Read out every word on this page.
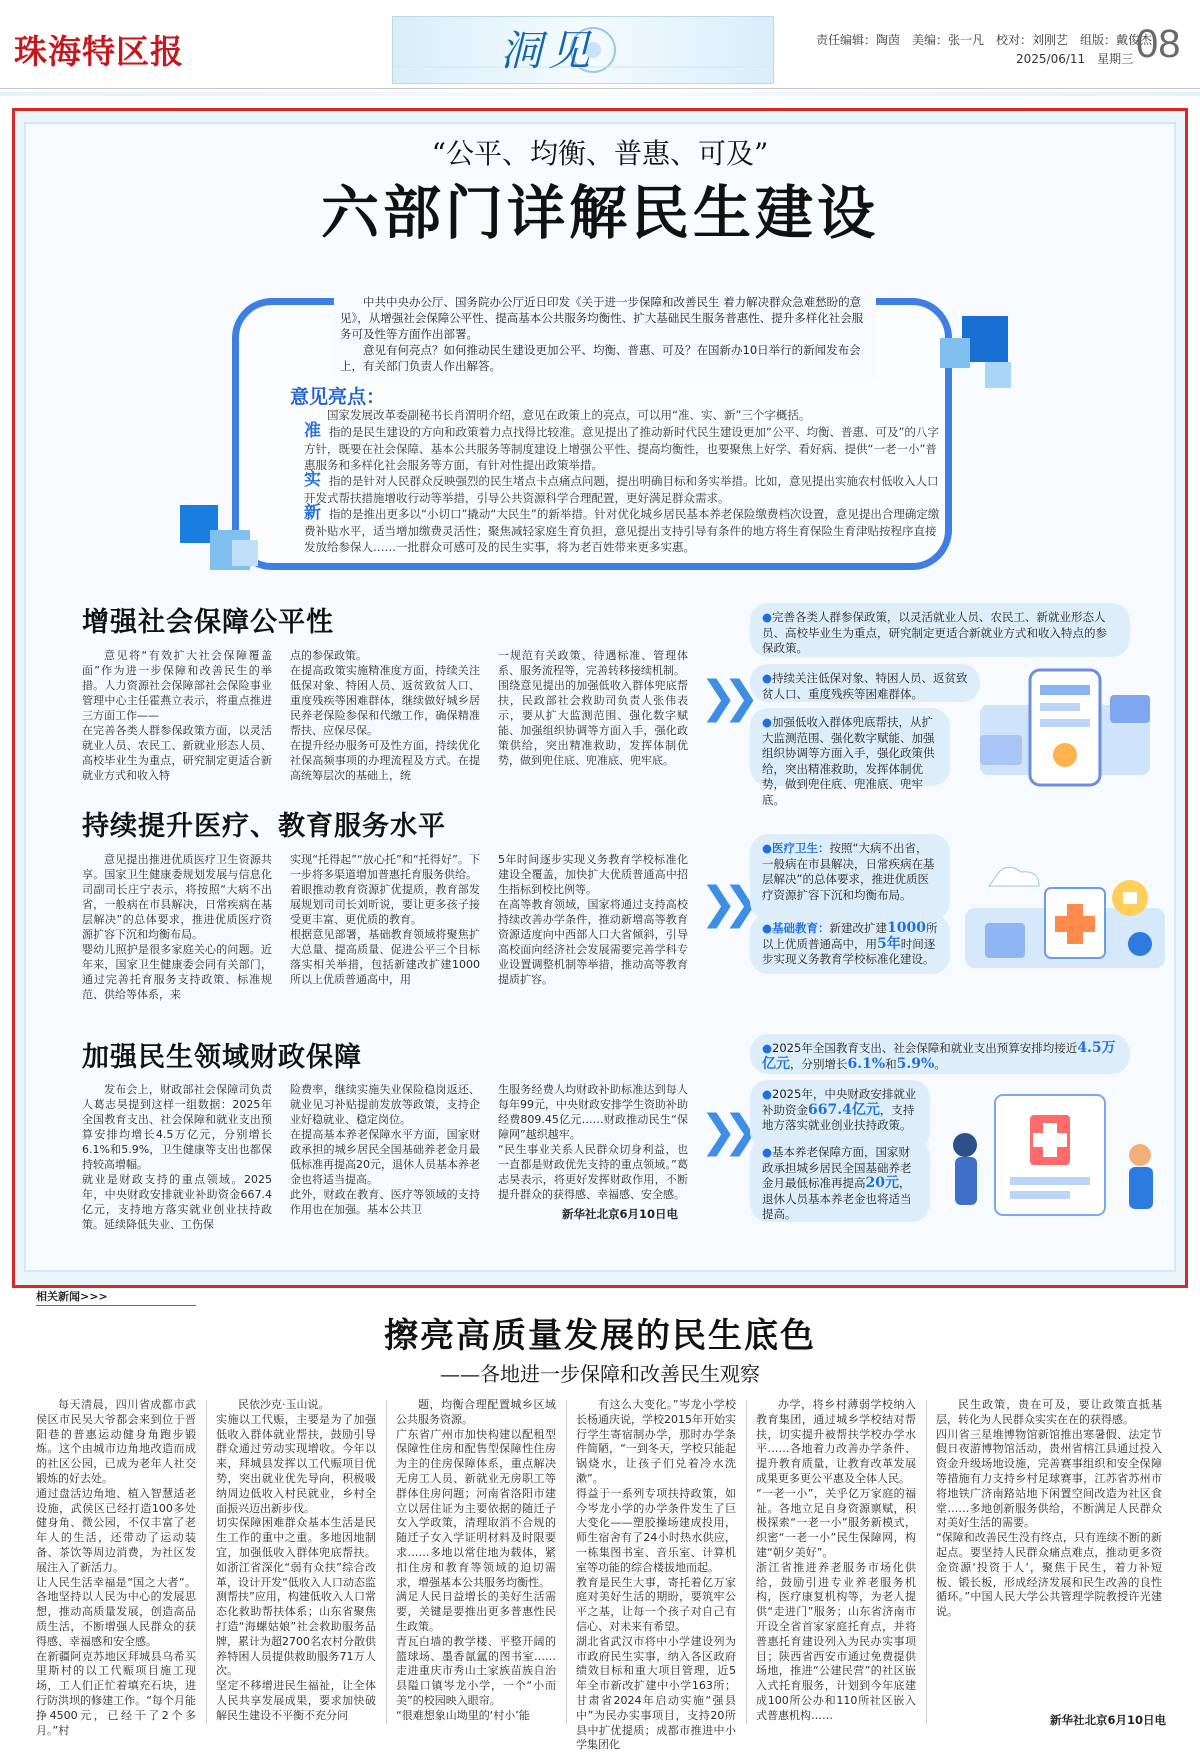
珠海特区报	洞见	责任编辑：陶茵　美编：张一凡　校对：刘刚艺　组版：戴俊杰
2025/06/11　星期三 08
“公平、均衡、普惠、可及”
六部门详解民生建设

中共中央办公厅、国务院办公厅近日印发《关于进一步保障和改善民生 着力解决群众急难愁盼的意见》，从增强社会保障公平性、提高基本公共服务均衡性、扩大基础民生服务普惠性、提升多样化社会服务可及性等方面作出部署。

意见有何亮点？如何推动民生建设更加公平、均衡、普惠、可及？在国新办10日举行的新闻发布会上，有关部门负责人作出解答。

意见亮点：
国家发展改革委副秘书长肖渭明介绍，意见在政策上的亮点，可以用“准、实、新”三个字概括。
准 指的是民生建设的方向和政策着力点找得比较准。意见提出了推动新时代民生建设更加“公平、均衡、普惠、可及”的八字方针，既要在社会保障、基本公共服务等制度建设上增强公平性、提高均衡性，也要聚焦上好学、看好病、提供“一老一小”普惠服务和多样化社会服务等方面，有针对性提出政策举措。
实 指的是针对人民群众反映强烈的民生堵点卡点痛点问题，提出明确目标和务实举措。比如，意见提出实施农村低收入人口开发式帮扶措施增收行动等举措，引导公共资源科学合理配置，更好满足群众需求。
新 指的是推出更多以“小切口”撬动“大民生”的新举措。针对优化城乡居民基本养老保险缴费档次设置，意见提出合理确定缴费补贴水平，适当增加缴费灵活性；聚焦减轻家庭生育负担，意见提出支持引导有条件的地方将生育保险生育津贴按程序直接发放给参保人……一批群众可感可及的民生实事，将为老百姓带来更多实惠。
增强社会保障公平性

意见将“有效扩大社会保障覆盖面”作为进一步保障和改善民生的举措。人力资源社会保障部社会保险事业管理中心主任霍燕立表示，将重点推进三方面工作——
在完善各类人群参保政策方面，以灵活就业人员、农民工、新就业形态人员、高校毕业生为重点，研究制定更适合新就业方式和收入特

点的参保政策。
在提高政策实施精准度方面，持续关注低保对象、特困人员、返贫致贫人口、重度残疾等困难群体，继续做好城乡居民养老保险参保和代缴工作，确保精准帮扶、应保尽保。
在提升经办服务可及性方面，持续优化社保高频事项的办理流程及方式。在提高统筹层次的基础上，统

一规范有关政策、待遇标准、管理体系、服务流程等，完善转移接续机制。
围绕意见提出的加强低收入群体兜底帮扶，民政部社会救助司负责人张伟表示，要从扩大监测范围、强化数字赋能、加强组织协调等方面入手，强化政策供给，突出精准救助，发挥体制优势，做到兜住底、兜准底、兜牢底。

❯❯
●完善各类人群参保政策，以灵活就业人员、农民工、新就业形态人员、高校毕业生为重点，研究制定更适合新就业方式和收入特点的参保政策。
●持续关注低保对象、特困人员、返贫致贫人口、重度残疾等困难群体。
●加强低收入群体兜底帮扶，从扩大监测范围、强化数字赋能、加强组织协调等方面入手，强化政策供给，突出精准救助，发挥体制优势，做到兜住底、兜准底、兜牢底。
持续提升医疗、教育服务水平

意见提出推进优质医疗卫生资源共享。国家卫生健康委规划发展与信息化司副司长庄宁表示，将按照“大病不出省，一般病在市县解决，日常疾病在基层解决”的总体要求，推进优质医疗资源扩容下沉和均衡布局。
婴幼儿照护是很多家庭关心的问题。近年来，国家卫生健康委会同有关部门，通过完善托育服务支持政策、标准规范、供给等体系，来

实现“托得起”“放心托”和“托得好”。下一步将多渠道增加普惠托育服务供给。
着眼推动教育资源扩优提质，教育部发展规划司司长刘昕说，要让更多孩子接受更丰富、更优质的教育。
根据意见部署，基础教育领域将聚焦扩大总量、提高质量、促进公平三个目标落实相关举措，包括新建改扩建1000所以上优质普通高中，用

5年时间逐步实现义务教育学校标准化建设全覆盖，加快扩大优质普通高中招生指标到校比例等。
在高等教育领域，国家将通过支持高校持续改善办学条件，推动新增高等教育资源适度向中西部人口大省倾斜，引导高校面向经济社会发展需要完善学科专业设置调整机制等举措，推动高等教育提质扩容。

❯❯
●医疗卫生：按照“大病不出省，一般病在市县解决，日常疾病在基层解决”的总体要求，推进优质医疗资源扩容下沉和均衡布局。
●基础教育：新建改扩建1000所以上优质普通高中，用5年时间逐步实现义务教育学校标准化建设。
加强民生领域财政保障

发布会上，财政部社会保障司负责人葛志昊提到这样一组数据：2025年全国教育支出、社会保障和就业支出预算安排均增长4.5万亿元，分别增长6.1%和5.9%，卫生健康等支出也都保持较高增幅。
就业是财政支持的重点领域。2025年，中央财政安排就业补助资金667.4亿元，支持地方落实就业创业扶持政策。延续降低失业、工伤保

险费率，继续实施失业保险稳岗返还、就业见习补贴提前发放等政策，支持企业好稳就业、稳定岗位。
在提高基本养老保障水平方面，国家财政承担的城乡居民全国基础养老金月最低标准再提高20元，退休人员基本养老金也将适当提高。
此外，财政在教育、医疗等领域的支持作用也在加强。基本公共卫

生服务经费人均财政补助标准达到每人每年99元，中央财政安排学生资助补助经费809.45亿元……财政推动民生“保障网”越织越牢。
“民生事业关系人民群众切身利益，也一直都是财政优先支持的重点领域。”葛志昊表示，将更好发挥财政作用，不断提升群众的获得感、幸福感、安全感。

新华社北京6月10日电
❯❯
●2025年全国教育支出、社会保障和就业支出预算安排均接近4.5万亿元，分别增长6.1%和5.9%。
●2025年，中央财政安排就业补助资金667.4亿元，支持地方落实就业创业扶持政策。
●基本养老保障方面，国家财政承担城乡居民全国基础养老金月最低标准再提高20元，退休人员基本养老金也将适当提高。
相关新闻>>>
擦亮高质量发展的民生底色
——各地进一步保障和改善民生观察

每天清晨，四川省成都市武侯区市民吴大爷都会来到位于晋阳巷的普惠运动健身角跑步锻炼。这个由城市边角地改造而成的社区公园，已成为老年人社交锻炼的好去处。
通过盘活边角地、植入智慧适老设施，武侯区已经打造100多处健身角、微公园，不仅丰富了老年人的生活，还带动了运动装备、茶饮等周边消费，为社区发展注入了新活力。
让人民生活幸福是“国之大者”。各地坚持以人民为中心的发展思想，推动高质量发展，创造高品质生活，不断增强人民群众的获得感、幸福感和安全感。
在新疆阿克苏地区拜城县乌希买里斯村的以工代赈项目施工现场，工人们正忙着填充石块，进行防洪坝的修建工作。“每个月能挣4500元，已经干了2个多月。”村

民依沙克·玉山说。
实施以工代赈，主要是为了加强低收入群体就业帮扶，鼓励引导群众通过劳动实现增收。今年以来，拜城县发挥以工代赈项目优势，突出就业优先导向，积极吸纳周边低收入村民就业，乡村全面振兴迈出新步伐。
切实保障困难群众基本生活是民生工作的重中之重。多地因地制宜，加强低收入群体兜底帮扶。如浙江省深化“弱有众扶”综合改革，设计开发“低收入人口动态监测帮扶”应用，构建低收入人口常态化救助帮扶体系；山东省聚焦打造“海螺姑娘”社会救助服务品牌，累计为超2700名农村分散供养特困人员提供救助服务71万人次。
坚定不移增进民生福祉，让全体人民共享发展成果，要求加快破解民生建设不平衡不充分问

题，均衡合理配置城乡区域公共服务资源。
广东省广州市加快构建以配租型保障性住房和配售型保障性住房为主的住房保障体系，重点解决无房工人员、新就业无房职工等群体住房问题；河南省洛阳市建立以居住证为主要依据的随迁子女入学政策，清理取消不合规的随迁子女入学证明材料及时限要求……多地以常住地为载体，紧扣住房和教育等领域的迫切需求，增强基本公共服务均衡性。
满足人民日益增长的美好生活需要，关键是要推出更多普惠性民生政策。
青瓦白墙的教学楼、平整开阔的篮球场、墨香氤氲的图书室……走进重庆市秀山土家族苗族自治县隘口镇岑龙小学，一个“小而美”的校园映入眼帘。
“很难想象山坳里的‘村小’能

有这么大变化。”岑龙小学校长杨通庆说，学校2015年开始实行学生寄宿制办学，那时办学条件简陋，“一到冬天，学校只能起锅烧水，让孩子们兑着冷水洗漱”。
得益于一系列专项扶持政策，如今岑龙小学的办学条件发生了巨大变化——塑胶操场建成投用，师生宿舍有了24小时热水供应，一栋集图书室、音乐室、计算机室等功能的综合楼拔地而起。
教育是民生大事，寄托着亿万家庭对美好生活的期盼，要筑牢公平之基，让每一个孩子对自己有信心、对未来有希望。
湖北省武汉市将中小学建设列为市政府民生实事，纳入各区政府绩效目标和重大项目管理，近5年全市新改扩建中小学163所；甘肃省2024年启动实施“强县中”为民办实事项目，支持20所县中扩优提质；成都市推进中小学集团化

办学，将乡村薄弱学校纳入教育集团，通过城乡学校结对帮扶，切实提升被帮扶学校办学水平……各地着力改善办学条件、提升教育质量，让教育改革发展成果更多更公平惠及全体人民。
“一老一小”，关乎亿万家庭的福祉。各地立足自身资源禀赋，积极探索“一老一小”服务新模式，织密“一老一小”民生保障网，构建“朝夕美好”。
浙江省推进养老服务市场化供给，鼓励引进专业养老服务机构，医疗康复机构等，为老人提供“走进门”服务；山东省济南市开设全省首家家庭托育点，并将普惠托育建设列入为民办实事项目；陕西省西安市通过免费提供场地，推进“公建民营”的社区嵌入式托育服务，计划到今年底建成100所公办和110所社区嵌入式普惠机构……

民生政策，贵在可及，要让政策直抵基层，转化为人民群众实实在在的获得感。
四川省三星堆博物馆新馆推出寒暑假、法定节假日夜游博物馆活动，贵州省榕江县通过投入资金升级场地设施，完善赛事组织和安全保障等措施有力支持乡村足球赛事，江苏省苏州市将地铁广济南路站地下闲置空间改造为社区食堂……多地创新服务供给，不断满足人民群众对美好生活的需要。
“保障和改善民生没有终点，只有连续不断的新起点。要坚持人民群众痛点难点，推动更多资金资源‘投资于人’，聚焦于民生，着力补短板、锻长板，形成经济发展和民生改善的良性循环。”中国人民大学公共管理学院教授许光建说。

新华社北京6月10日电
